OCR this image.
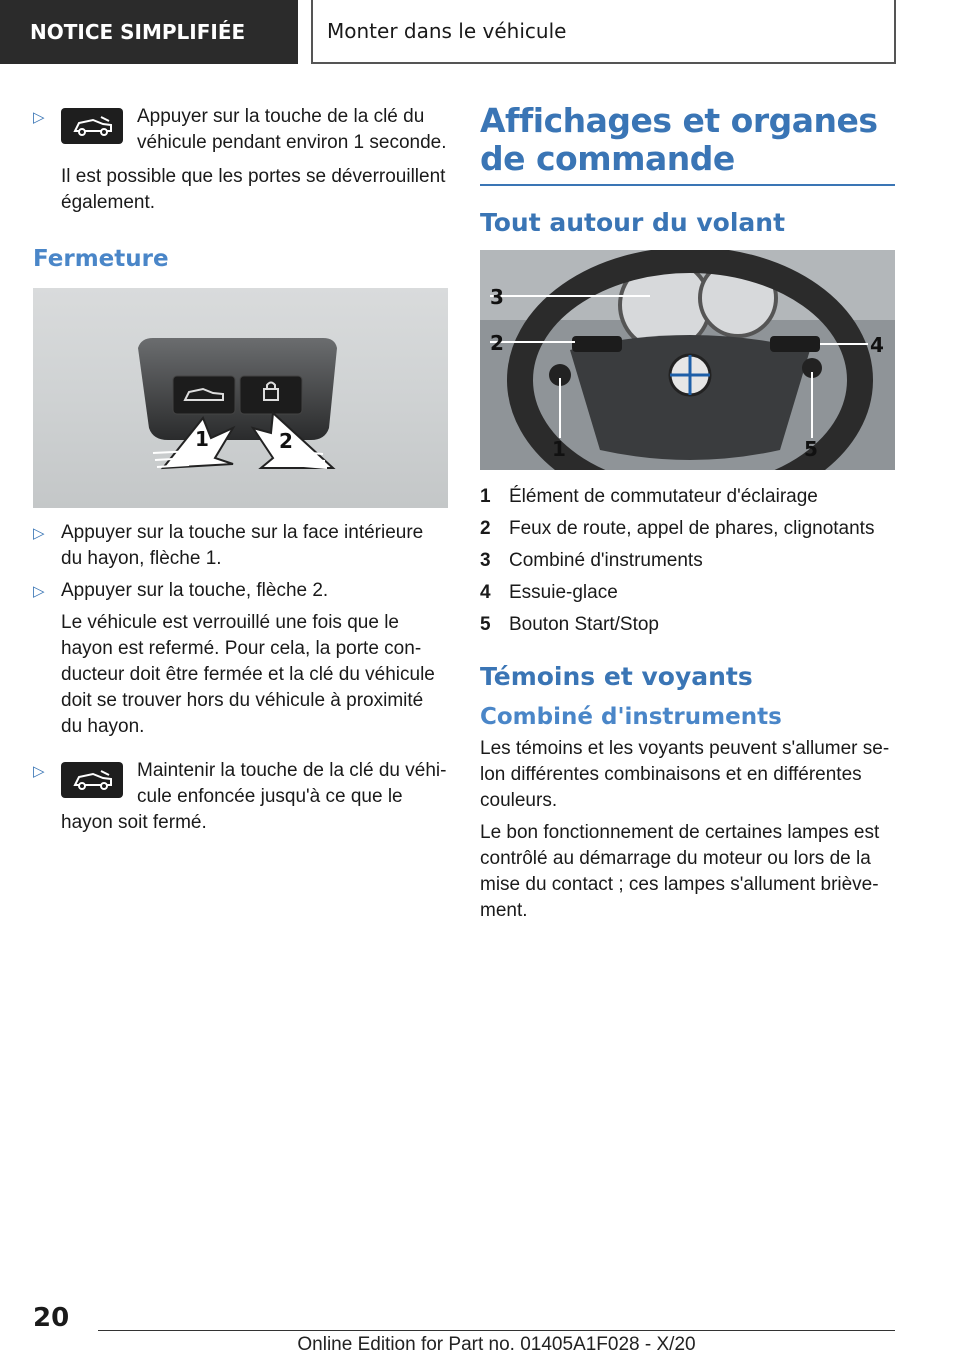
NOTICE SIMPLIFIÉE	Monter dans le véhicule
▷	Appuyer sur la touche de la clé du véhicule pendant environ 1 seconde.

Il est possible que les portes se déverrouillent également.

Fermeture
1	2
▷ Appuyer sur la touche sur la face intérieure du hayon, flèche 1.
▷ Appuyer sur la touche, flèche 2.

Le véhicule est verrouillé une fois que le hayon est refermé. Pour cela, la porte conducteur doit être fermée et la clé du véhicule doit se trouver hors du véhicule à proximité du hayon.

▷	Maintenir la touche de la clé du véhicule enfoncée jusqu'à ce que le hayon soit fermé.
Affichages et organes de commande
Tout autour du volant
1
2
3
4
5
1 Élément de commutateur d'éclairage
2 Feux de route, appel de phares, clignotants
3 Combiné d'instruments
4 Essuie-glace
5 Bouton Start/Stop
Témoins et voyants
Combiné d'instruments

Les témoins et les voyants peuvent s'allumer selon différentes combinaisons et en différentes couleurs.

Le bon fonctionnement de certaines lampes est contrôlé au démarrage du moteur ou lors de la mise du contact ; ces lampes s'allument brièvement.

20
Online Edition for Part no. 01405A1F028 - X/20
